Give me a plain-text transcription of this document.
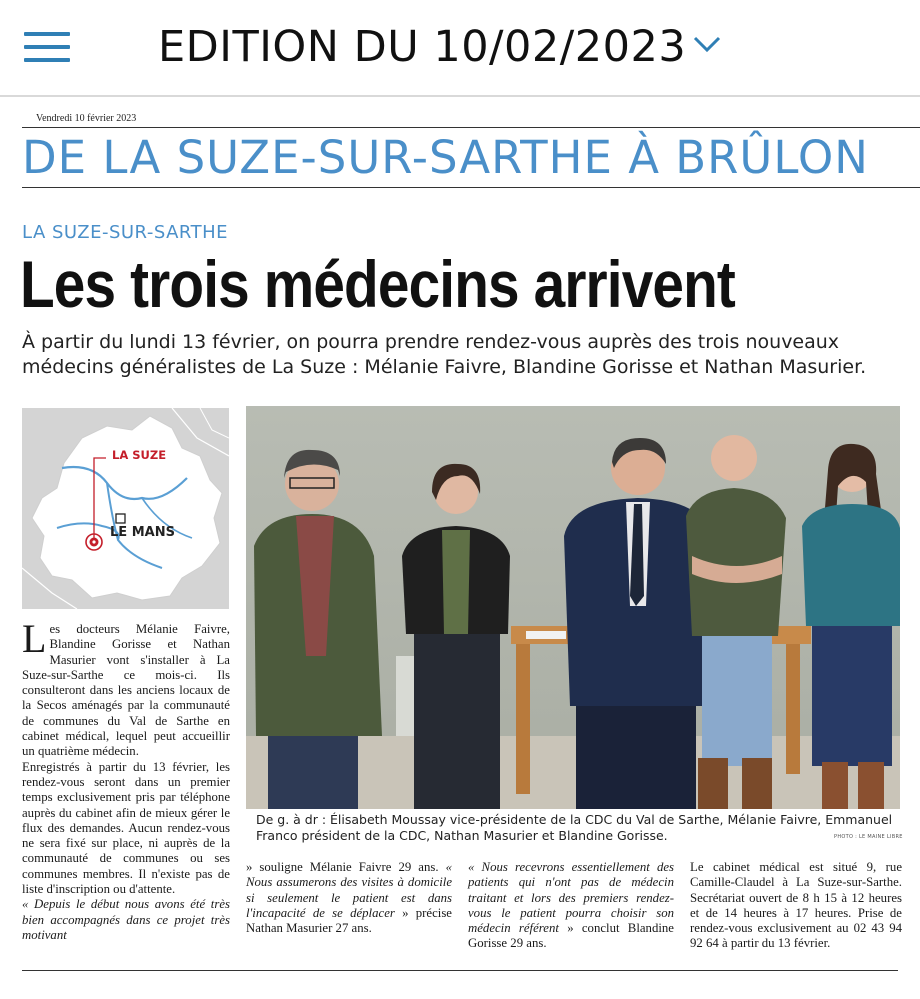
EDITION DU 10/02/2023
Vendredi 10 février 2023
DE LA SUZE-SUR-SARTHE À BRÛLON
LA SUZE-SUR-SARTHE
Les trois médecins arrivent
À partir du lundi 13 février, on pourra prendre rendez-vous auprès des trois nouveaux médecins généralistes de La Suze : Mélanie Faivre, Blandine Gorisse et Nathan Masurier.
LA SUZE
LE MANS
De g. à dr : Élisabeth Moussay vice-présidente de la CDC du Val de Sarthe, Mélanie Faivre, Emmanuel Franco président de la CDC, Nathan Masurier et Blandine Gorisse.	PHOTO : LE MAINE LIBRE

Les docteurs Mélanie Faivre, Blandine Gorisse et Nathan Masurier vont s'installer à La Suze-sur-Sarthe ce mois-ci. Ils consulteront dans les anciens locaux de la Secos aménagés par la communauté de communes du Val de Sarthe en cabinet médical, lequel peut accueillir un quatrième médecin.

Enregistrés à partir du 13 février, les rendez-vous seront dans un premier temps exclusivement pris par téléphone auprès du cabinet afin de mieux gérer le flux des demandes. Aucun rendez-vous ne sera fixé sur place, ni auprès de la communauté de communes ou ses communes membres. Il n'existe pas de liste d'inscription ou d'attente.

« Depuis le début nous avons été très bien accompagnés dans ce projet très motivant

» souligne Mélanie Faivre 29 ans. « Nous assumerons des visites à domicile si seulement le patient est dans l'incapacité de se déplacer » précise Nathan Masurier 27 ans.

« Nous recevrons essentiellement des patients qui n'ont pas de médecin traitant et lors des premiers rendez-vous le patient pourra choisir son médecin référent » conclut Blandine Gorisse 29 ans.

Le cabinet médical est situé 9, rue Camille-Claudel à La Suze-sur-Sarthe. Secrétariat ouvert de 8 h 15 à 12 heures et de 14 heures à 17 heures. Prise de rendez-vous exclusivement au 02 43 94 92 64 à partir du 13 février.
